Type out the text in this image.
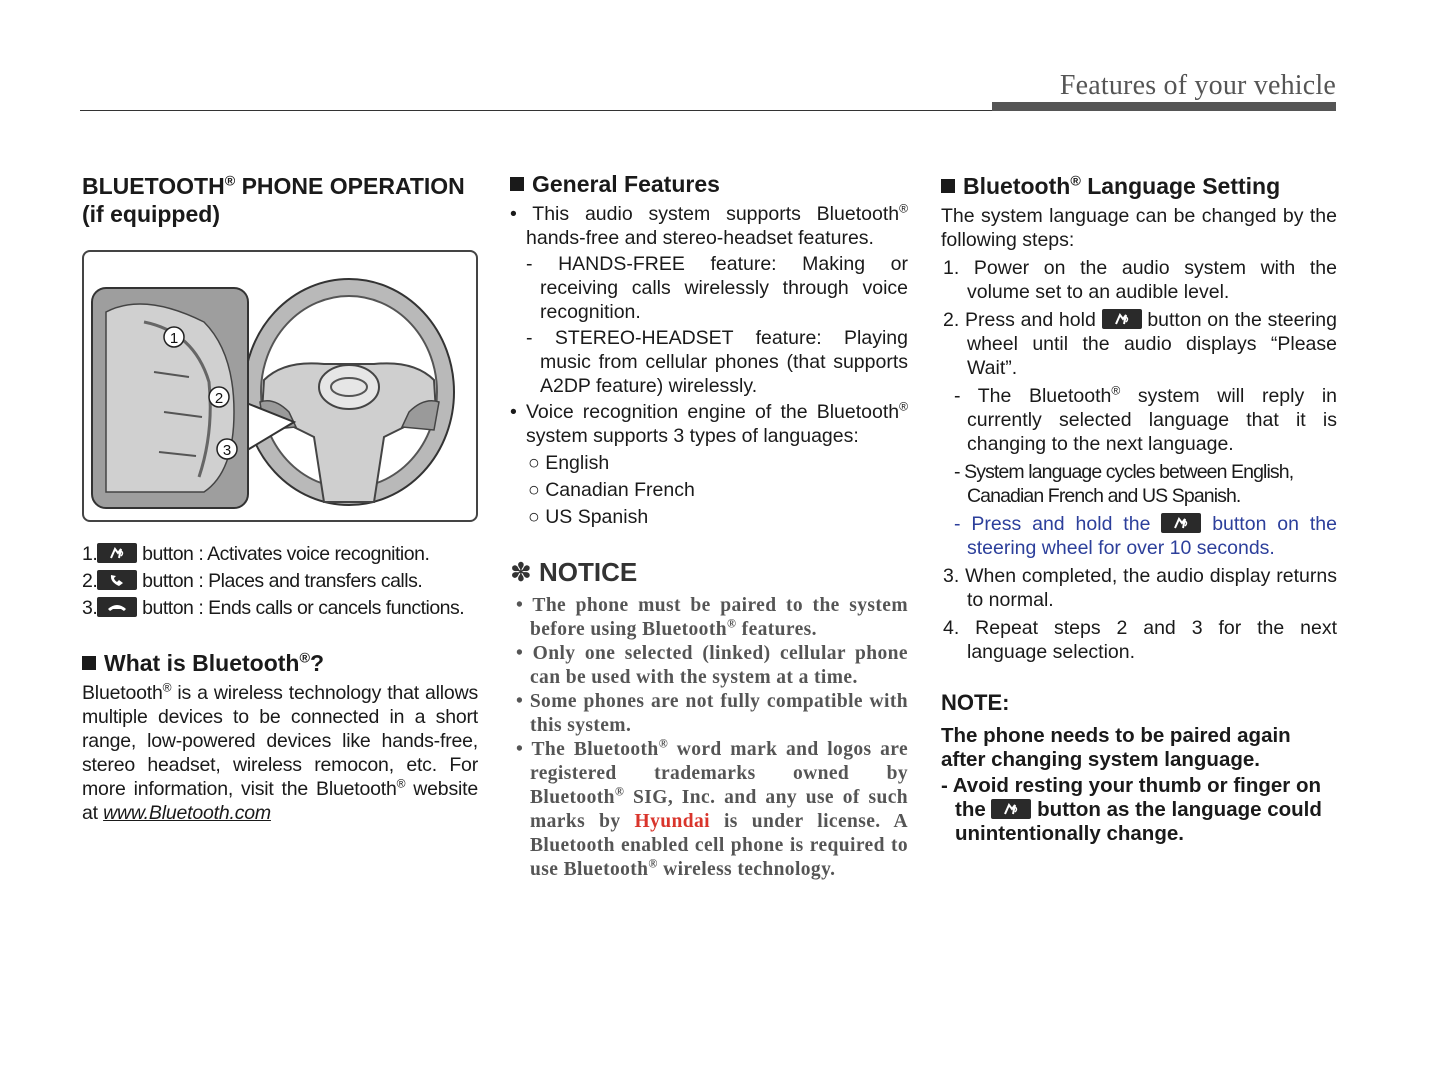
Features of your vehicle
BLUETOOTH® PHONE OPERATION
(if equipped)
1
2
3
1.
button : Activates voice recognition.
2.
button : Places and transfers calls.
3.
button : Ends calls or cancels functions.
What is Bluetooth®?

Bluetooth® is a wireless technology that allows multiple devices to be connected in a short range, low-powered devices like hands-free, stereo headset, wireless remocon, etc. For more information, visit the Bluetooth® website at www.Bluetooth.com

General Features

• This audio system supports Bluetooth® hands-free and stereo-headset features.

- HANDS-FREE feature: Making or receiving calls wirelessly through voice recognition.

- STEREO-HEADSET feature: Playing music from cellular phones (that supports A2DP feature) wirelessly.

• Voice recognition engine of the Bluetooth® system supports 3 types of languages:

○ English

○ Canadian French

○ US Spanish

✽ NOTICE

• The phone must be paired to the system before using Bluetooth® features.

• Only one selected (linked) cellular phone can be used with the system at a time.

• Some phones are not fully compatible with this system.

• The Bluetooth® word mark and logos are registered trademarks owned by Bluetooth® SIG, Inc. and any use of such marks by Hyundai is under license. A Bluetooth enabled cell phone is required to use Bluetooth® wireless technology.

Bluetooth® Language Setting

The system language can be changed by the following steps:

1. Power on the audio system with the volume set to an audible level.

2. Press and hold
button on the steering wheel until the audio displays “Please Wait”.

- The Bluetooth® system will reply in currently selected language that it is changing to the next language.

- System language cycles between English, Canadian French and US Spanish.

- Press and hold the
button on the steering wheel for over 10 seconds.

3. When completed, the audio display returns to normal.

4. Repeat steps 2 and 3 for the next language selection.

NOTE:

The phone needs to be paired again after changing system language.

- Avoid resting your thumb or finger on the
button as the language could unintentionally change.
